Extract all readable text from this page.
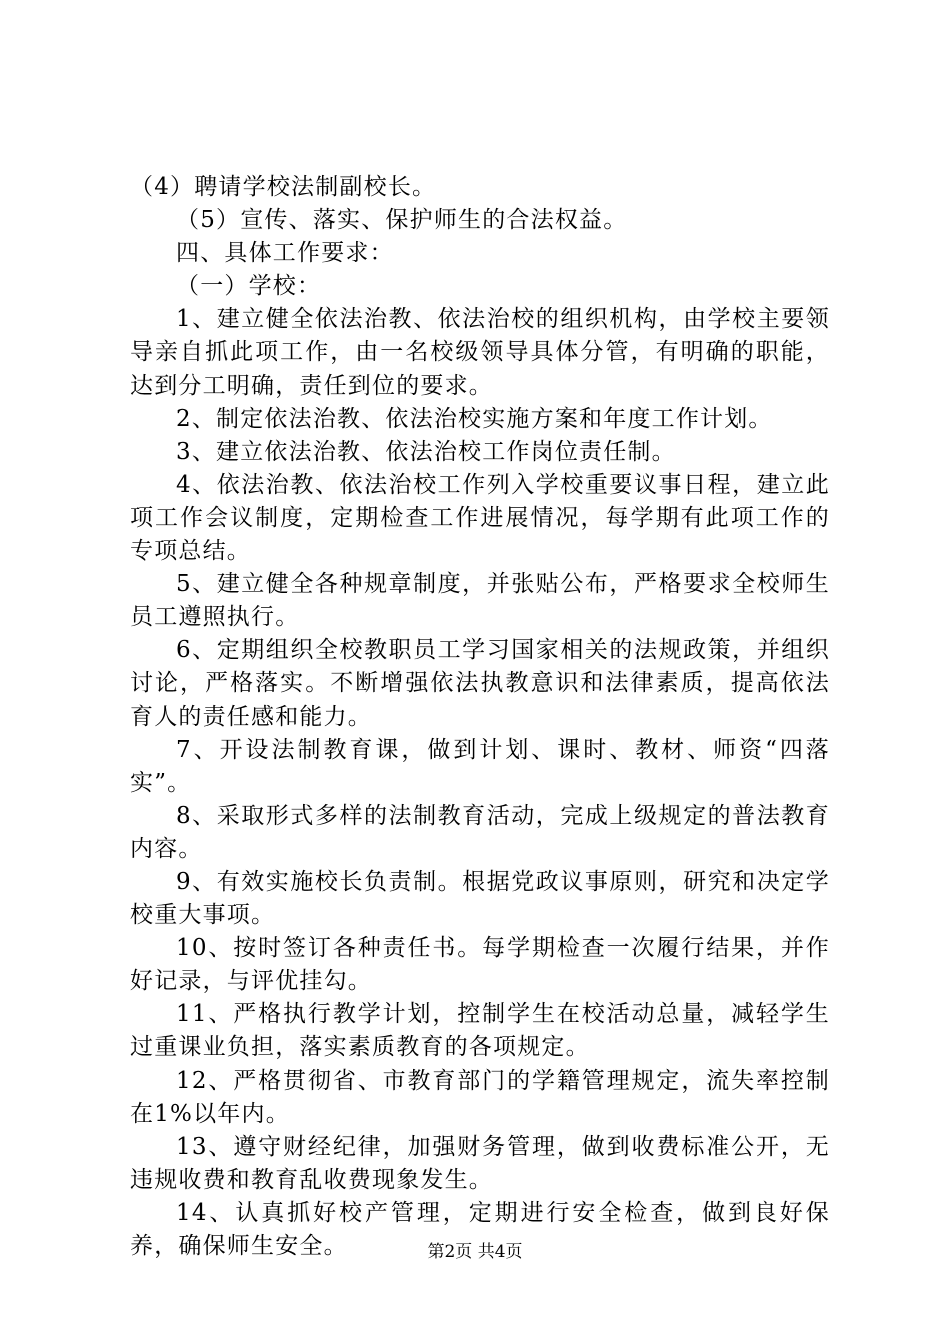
（4）聘请学校法制副校长。

（5）宣传、落实、保护师生的合法权益。

四、具体工作要求：

（一）学校：

1、建立健全依法治教、依法治校的组织机构，由学校主要领导亲自抓此项工作，由一名校级领导具体分管，有明确的职能，达到分工明确，责任到位的要求。

2、制定依法治教、依法治校实施方案和年度工作计划。

3、建立依法治教、依法治校工作岗位责任制。

4、依法治教、依法治校工作列入学校重要议事日程，建立此项工作会议制度，定期检查工作进展情况，每学期有此项工作的专项总结。

5、建立健全各种规章制度，并张贴公布，严格要求全校师生员工遵照执行。

6、定期组织全校教职员工学习国家相关的法规政策，并组织讨论，严格落实。不断增强依法执教意识和法律素质，提高依法育人的责任感和能力。

7、开设法制教育课，做到计划、课时、教材、师资“四落实”。

8、采取形式多样的法制教育活动，完成上级规定的普法教育内容。

9、有效实施校长负责制。根据党政议事原则，研究和决定学校重大事项。

10、按时签订各种责任书。每学期检查一次履行结果，并作好记录，与评优挂勾。

11、严格执行教学计划，控制学生在校活动总量，减轻学生过重课业负担，落实素质教育的各项规定。

12、严格贯彻省、市教育部门的学籍管理规定，流失率控制在1%以年内。

13、遵守财经纪律，加强财务管理，做到收费标准公开，无违规收费和教育乱收费现象发生。

14、认真抓好校产管理，定期进行安全检查，做到良好保养，确保师生安全。	第2页 共4页
